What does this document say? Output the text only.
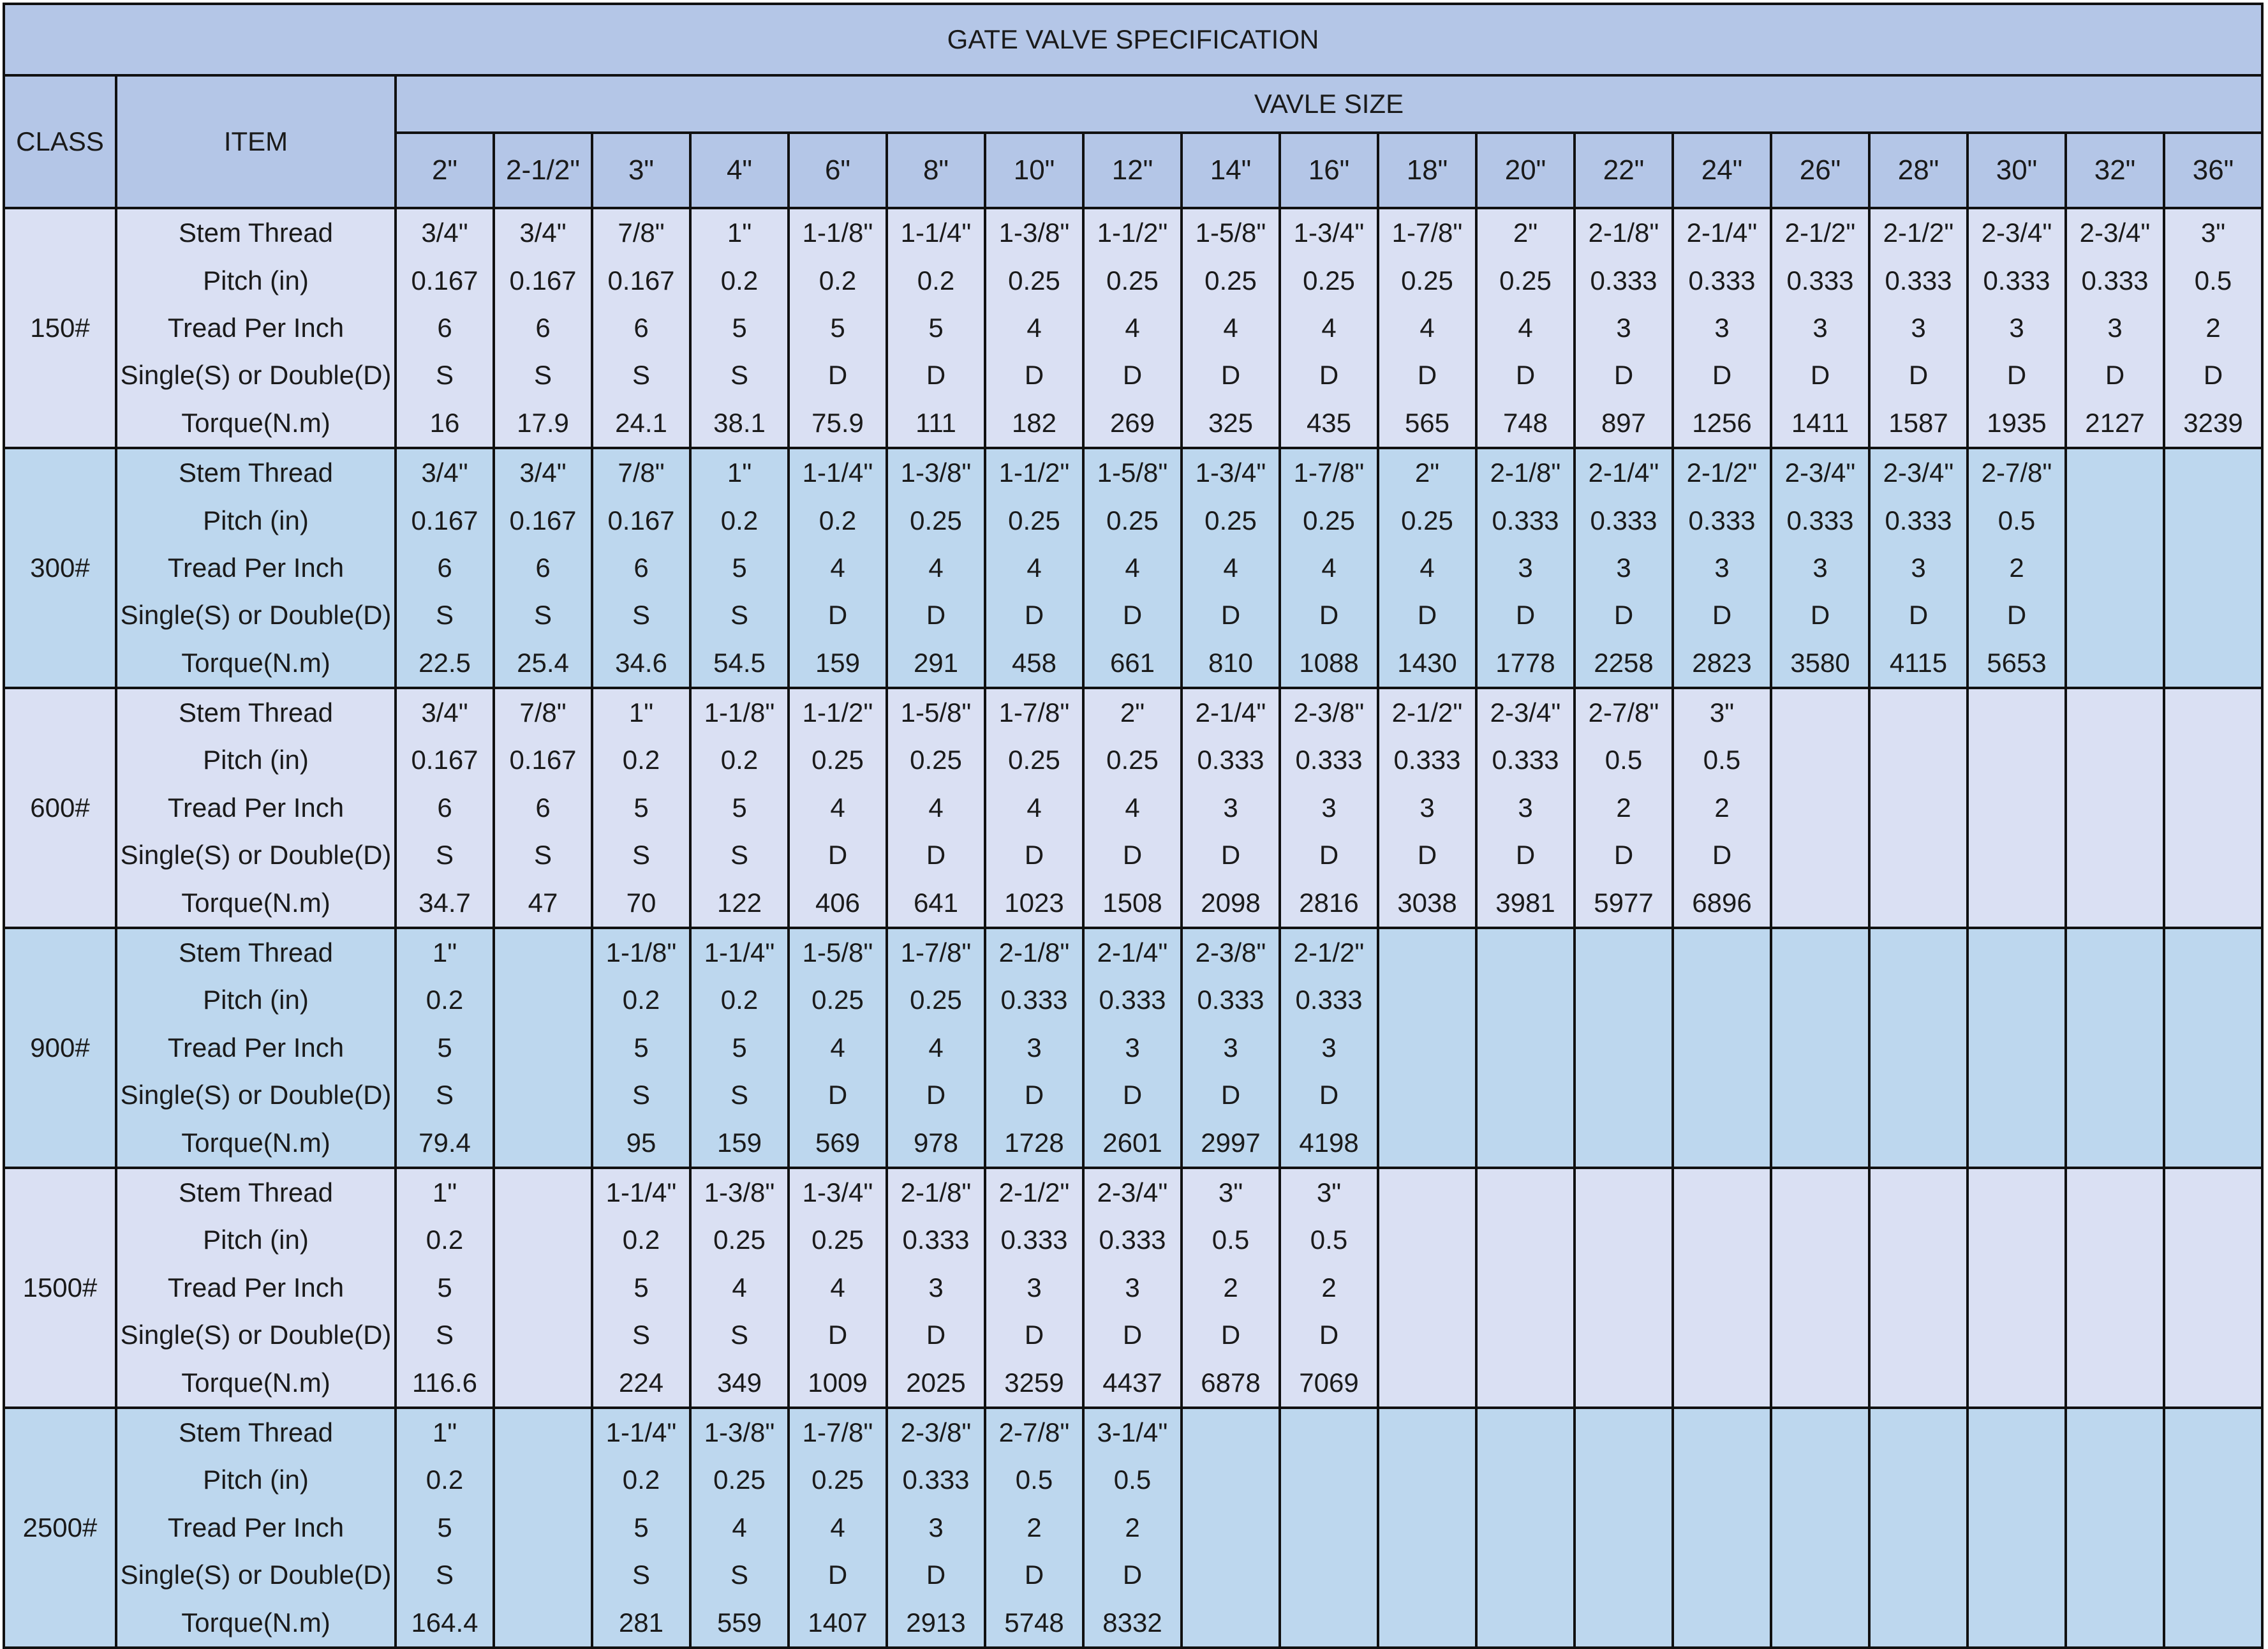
GATE VALVE SPECIFICATION																				
CLASS	ITEM	VAVLE SIZE																		
		2"	2-1/2"	3"	4"	6"	8"	10"	12"	14"	16"	18"	20"	22"	24"	26"	28"	30"	32"	36"
150#	Stem Thread	3/4"	3/4"	7/8"	1"	1-1/8"	1-1/4"	1-3/8"	1-1/2"	1-5/8"	1-3/4"	1-7/8"	2"	2-1/8"	2-1/4"	2-1/2"	2-1/2"	2-3/4"	2-3/4"	3"
	Pitch (in)	0.167	0.167	0.167	0.2	0.2	0.2	0.25	0.25	0.25	0.25	0.25	0.25	0.333	0.333	0.333	0.333	0.333	0.333	0.5
	Tread Per Inch	6	6	6	5	5	5	4	4	4	4	4	4	3	3	3	3	3	3	2
	Single(S) or Double(D)	S	S	S	S	D	D	D	D	D	D	D	D	D	D	D	D	D	D	D
	Torque(N.m)	16	17.9	24.1	38.1	75.9	111	182	269	325	435	565	748	897	1256	1411	1587	1935	2127	3239
300#	Stem Thread	3/4"	3/4"	7/8"	1"	1-1/4"	1-3/8"	1-1/2"	1-5/8"	1-3/4"	1-7/8"	2"	2-1/8"	2-1/4"	2-1/2"	2-3/4"	2-3/4"	2-7/8"		
	Pitch (in)	0.167	0.167	0.167	0.2	0.2	0.25	0.25	0.25	0.25	0.25	0.25	0.333	0.333	0.333	0.333	0.333	0.5		
	Tread Per Inch	6	6	6	5	4	4	4	4	4	4	4	3	3	3	3	3	2		
	Single(S) or Double(D)	S	S	S	S	D	D	D	D	D	D	D	D	D	D	D	D	D		
	Torque(N.m)	22.5	25.4	34.6	54.5	159	291	458	661	810	1088	1430	1778	2258	2823	3580	4115	5653		
600#	Stem Thread	3/4"	7/8"	1"	1-1/8"	1-1/2"	1-5/8"	1-7/8"	2"	2-1/4"	2-3/8"	2-1/2"	2-3/4"	2-7/8"	3"					
	Pitch (in)	0.167	0.167	0.2	0.2	0.25	0.25	0.25	0.25	0.333	0.333	0.333	0.333	0.5	0.5					
	Tread Per Inch	6	6	5	5	4	4	4	4	3	3	3	3	2	2					
	Single(S) or Double(D)	S	S	S	S	D	D	D	D	D	D	D	D	D	D					
	Torque(N.m)	34.7	47	70	122	406	641	1023	1508	2098	2816	3038	3981	5977	6896					
900#	Stem Thread	1"		1-1/8"	1-1/4"	1-5/8"	1-7/8"	2-1/8"	2-1/4"	2-3/8"	2-1/2"									
	Pitch (in)	0.2		0.2	0.2	0.25	0.25	0.333	0.333	0.333	0.333									
	Tread Per Inch	5		5	5	4	4	3	3	3	3									
	Single(S) or Double(D)	S		S	S	D	D	D	D	D	D									
	Torque(N.m)	79.4		95	159	569	978	1728	2601	2997	4198									
1500#	Stem Thread	1"		1-1/4"	1-3/8"	1-3/4"	2-1/8"	2-1/2"	2-3/4"	3"	3"									
	Pitch (in)	0.2		0.2	0.25	0.25	0.333	0.333	0.333	0.5	0.5									
	Tread Per Inch	5		5	4	4	3	3	3	2	2									
	Single(S) or Double(D)	S		S	S	D	D	D	D	D	D									
	Torque(N.m)	116.6		224	349	1009	2025	3259	4437	6878	7069									
2500#	Stem Thread	1"		1-1/4"	1-3/8"	1-7/8"	2-3/8"	2-7/8"	3-1/4"											
	Pitch (in)	0.2		0.2	0.25	0.25	0.333	0.5	0.5											
	Tread Per Inch	5		5	4	4	3	2	2											
	Single(S) or Double(D)	S		S	S	D	D	D	D											
	Torque(N.m)	164.4		281	559	1407	2913	5748	8332											
